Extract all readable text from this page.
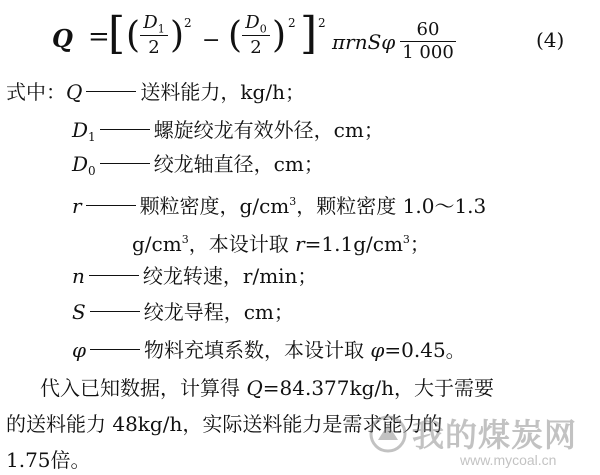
Q =
[ ( $D_1$
2 ) 2
− ( $D_0$
2 ) 2 ] 2
πrnSφ
60
1 000
(4)
式中：Q	送料能力，kg/h；
$D_1$	螺旋绞龙有效外径，cm；
$D_0$	绞龙轴直径，cm；
r	颗粒密度，$g/cm^3$，颗粒密度 1.0～1.3
$g/cm^3$，本设计取 $r=1.1g/cm^3$；
n	绞龙转速，r/min；
S	绞龙导程，cm；
φ	物料充填系数，本设计取 φ=0.45。
代入已知数据，计算得 Q=84.377kg/h，大于需要
的送料能力 48kg/h，实际送料能力是需求能力的
1.75倍。
我的煤炭网
www.mycoal.cn
